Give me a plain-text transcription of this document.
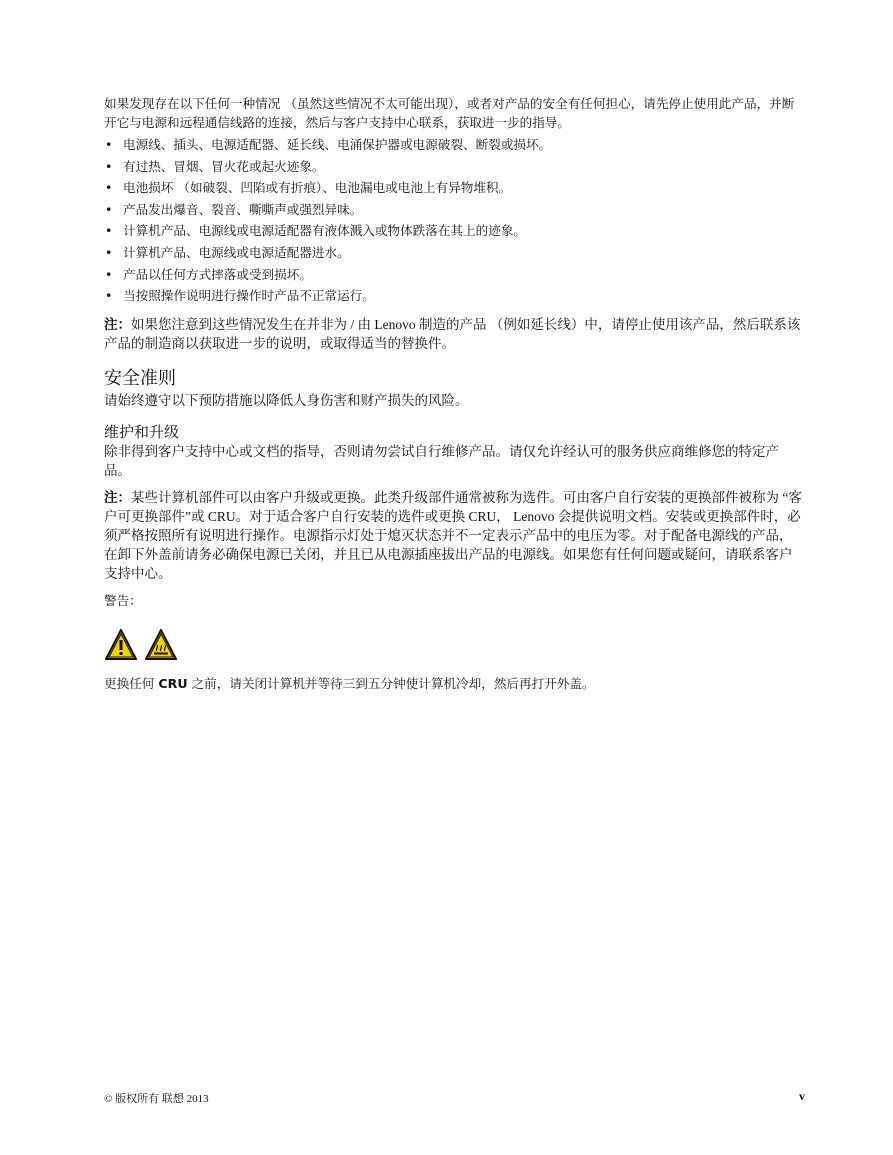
如果发现存在以下任何一种情况 （虽然这些情况不太可能出现），或者对产品的安全有任何担心，请先停止使用此产品，并断开它与电源和远程通信线路的连接，然后与客户支持中心联系，获取进一步的指导。

• 电源线、插头、电源适配器、延长线、电涌保护器或电源破裂、断裂或损坏。
• 有过热、冒烟、冒火花或起火迹象。
• 电池损坏 （如破裂、凹陷或有折痕）、电池漏电或电池上有异物堆积。
• 产品发出爆音、裂音、嘶嘶声或强烈异味。
• 计算机产品、电源线或电源适配器有液体溅入或物体跌落在其上的迹象。
• 计算机产品、电源线或电源适配器进水。
• 产品以任何方式摔落或受到损坏。
• 当按照操作说明进行操作时产品不正常运行。

注：如果您注意到这些情况发生在并非为 / 由 Lenovo 制造的产品 （例如延长线）中，请停止使用该产品，然后联系该产品的制造商以获取进一步的说明，或取得适当的替换件。

安全准则

请始终遵守以下预防措施以降低人身伤害和财产损失的风险。

维护和升级

除非得到客户支持中心或文档的指导，否则请勿尝试自行维修产品。请仅允许经认可的服务供应商维修您的特定产品。

注：某些计算机部件可以由客户升级或更换。此类升级部件通常被称为选件。可由客户自行安装的更换部件被称为 “客户可更换部件”或 CRU。对于适合客户自行安装的选件或更换 CRU， Lenovo 会提供说明文档。安装或更换部件时，必须严格按照所有说明进行操作。电源指示灯处于熄灭状态并不一定表示产品中的电压为零。对于配备电源线的产品，在卸下外盖前请务必确保电源已关闭，并且已从电源插座拔出产品的电源线。如果您有任何问题或疑问，请联系客户支持中心。

警告：

更换任何 CRU 之前，请关闭计算机并等待三到五分钟使计算机冷却，然后再打开外盖。

© 版权所有 联想 2013	v
